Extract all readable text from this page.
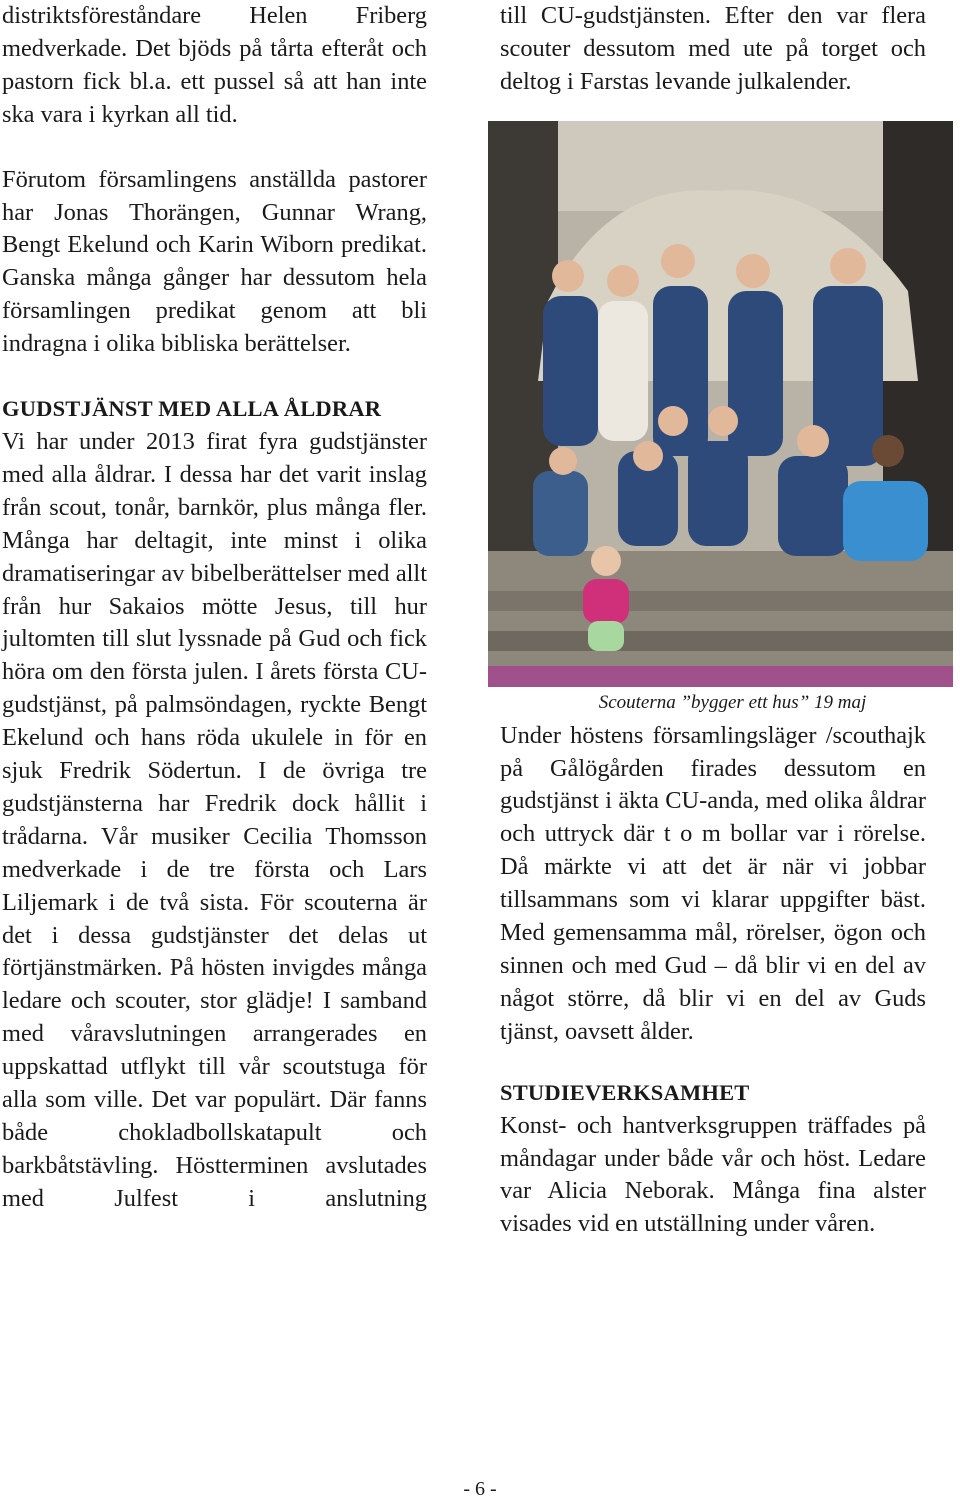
distriktsföreståndare Helen Friberg medverkade. Det bjöds på tårta efteråt och pastorn fick bl.a. ett pussel så att han inte ska vara i kyrkan all tid.

Förutom församlingens anställda pastorer har Jonas Thorängen, Gunnar Wrang, Bengt Ekelund och Karin Wiborn predikat. Ganska många gånger har dessutom hela församlingen predikat genom att bli indragna i olika bibliska berättelser.

GUDSTJÄNST MED ALLA ÅLDRAR

Vi har under 2013 firat fyra gudstjänster med alla åldrar. I dessa har det varit inslag från scout, tonår, barnkör, plus många fler. Många har deltagit, inte minst i olika dramatiseringar av bibelberättelser med allt från hur Sakaios mötte Jesus, till hur jultomten till slut lyssnade på Gud och fick höra om den första julen. I årets första CU-gudstjänst, på palmsöndagen, ryckte Bengt Ekelund och hans röda ukulele in för en sjuk Fredrik Södertun. I de övriga tre gudstjänsterna har Fredrik dock hållit i trådarna. Vår musiker Cecilia Thomsson medverkade i de tre första och Lars Liljemark i de två sista. För scouterna är det i dessa gudstjänster det delas ut förtjänstmärken. På hösten invigdes många ledare och scouter, stor glädje! I samband med våravslutningen arrangerades en uppskattad utflykt till vår scoutstuga för alla som ville. Det var populärt. Där fanns både chokladbollskatapult och barkbåtstävling. Höstterminen avslutades med Julfest i anslutning

till CU-gudstjänsten. Efter den var flera scouter dessutom med ute på torget och deltog i Farstas levande julkalender.

Scouterna ”bygger ett hus” 19 maj

Under höstens församlingsläger /scouthajk på Gålögården firades dessutom en gudstjänst i äkta CU-anda, med olika åldrar och uttryck där t o m bollar var i rörelse. Då märkte vi att det är när vi jobbar tillsammans som vi klarar uppgifter bäst. Med gemensamma mål, rörelser, ögon och sinnen och med Gud – då blir vi en del av något större, då blir vi en del av Guds tjänst, oavsett ålder.

STUDIEVERKSAMHET

Konst- och hantverksgruppen träffades på måndagar under både vår och höst. Ledare var Alicia Neborak. Många fina alster visades vid en utställning under våren.

- 6 -
